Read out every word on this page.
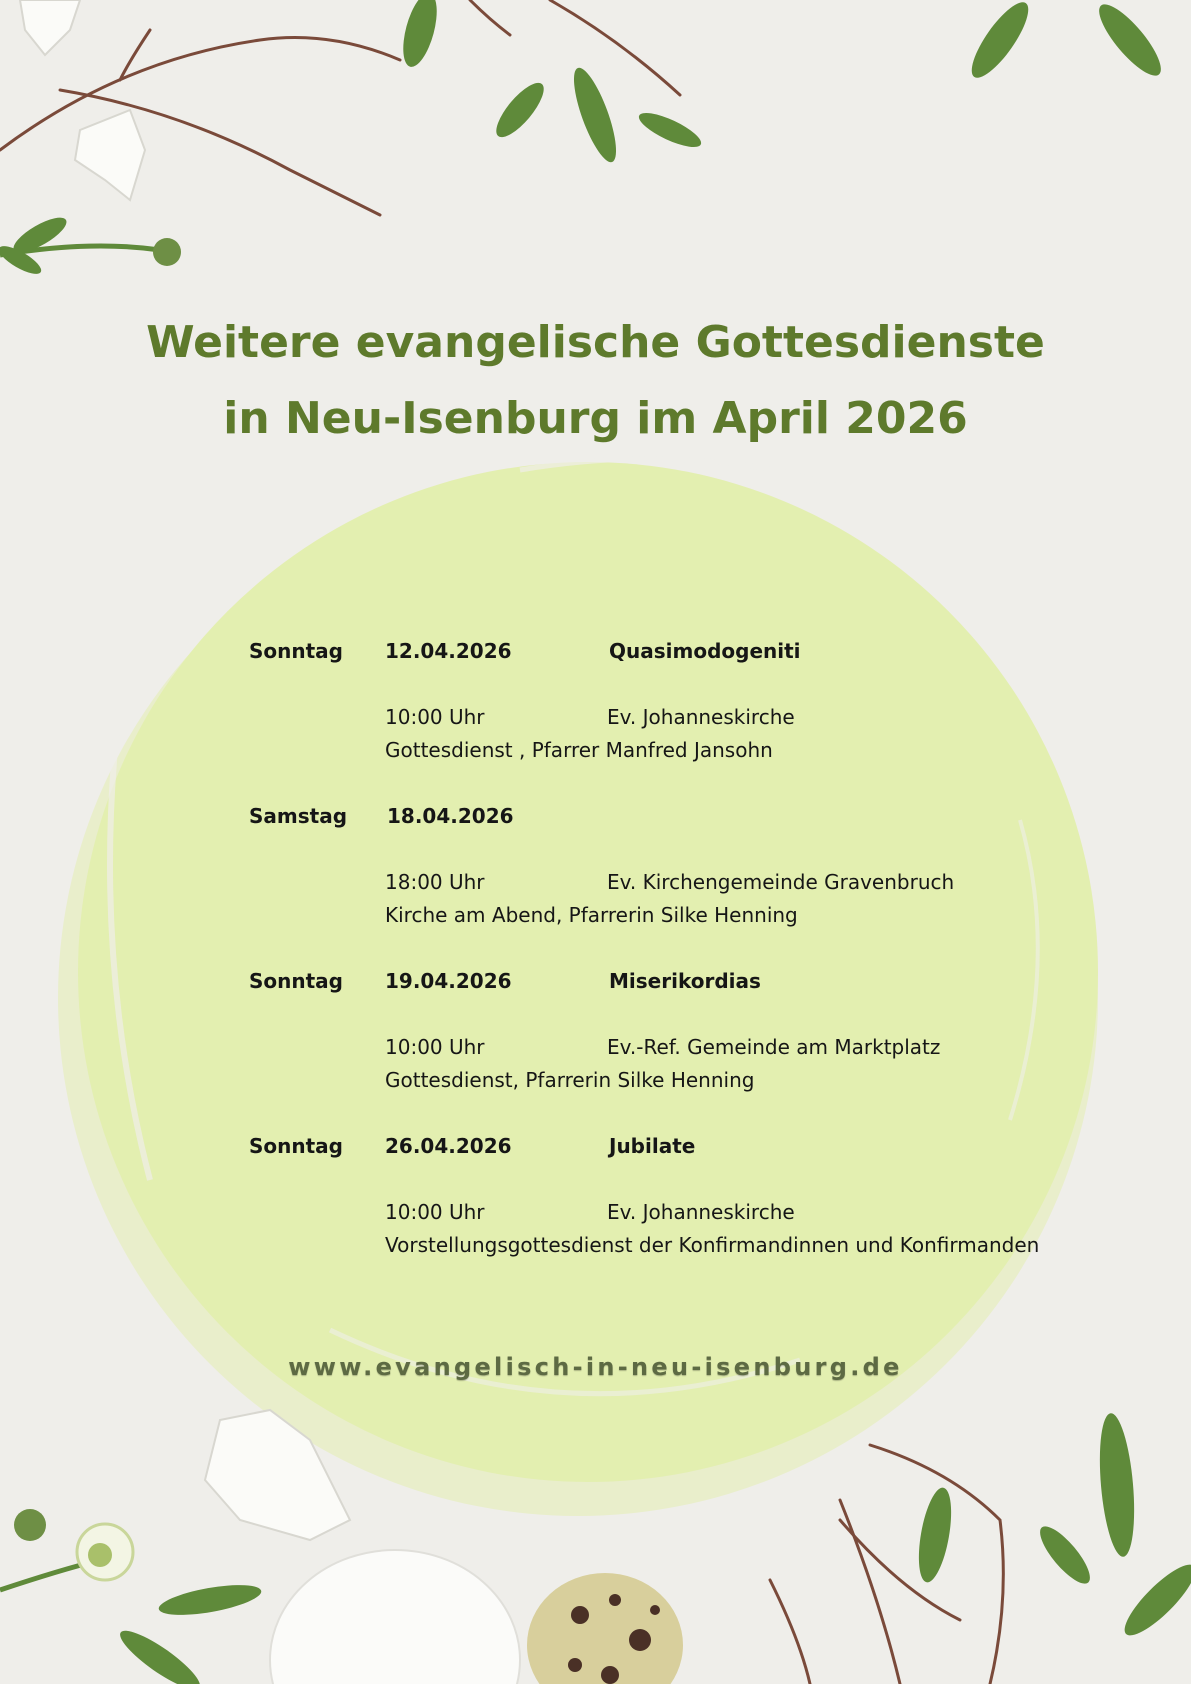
Weitere evangelische Gottesdienste
in Neu-Isenburg im April 2026
Sonntag 12.04.2026	Quasimodogeniti
10:00 Uhr	Ev. Johanneskirche
Gottesdienst , Pfarrer Manfred Jansohn
Samstag 18.04.2026
18:00 Uhr	Ev. Kirchengemeinde Gravenbruch
Kirche am Abend, Pfarrerin Silke Henning
Sonntag 19.04.2026	Miserikordias
10:00 Uhr	Ev.-Ref. Gemeinde am Marktplatz
Gottesdienst, Pfarrerin Silke Henning
Sonntag 26.04.2026	Jubilate
10:00 Uhr	Ev. Johanneskirche
Vorstellungsgottesdienst der Konfirmandinnen und Konfirmanden
www.evangelisch-in-neu-isenburg.de
